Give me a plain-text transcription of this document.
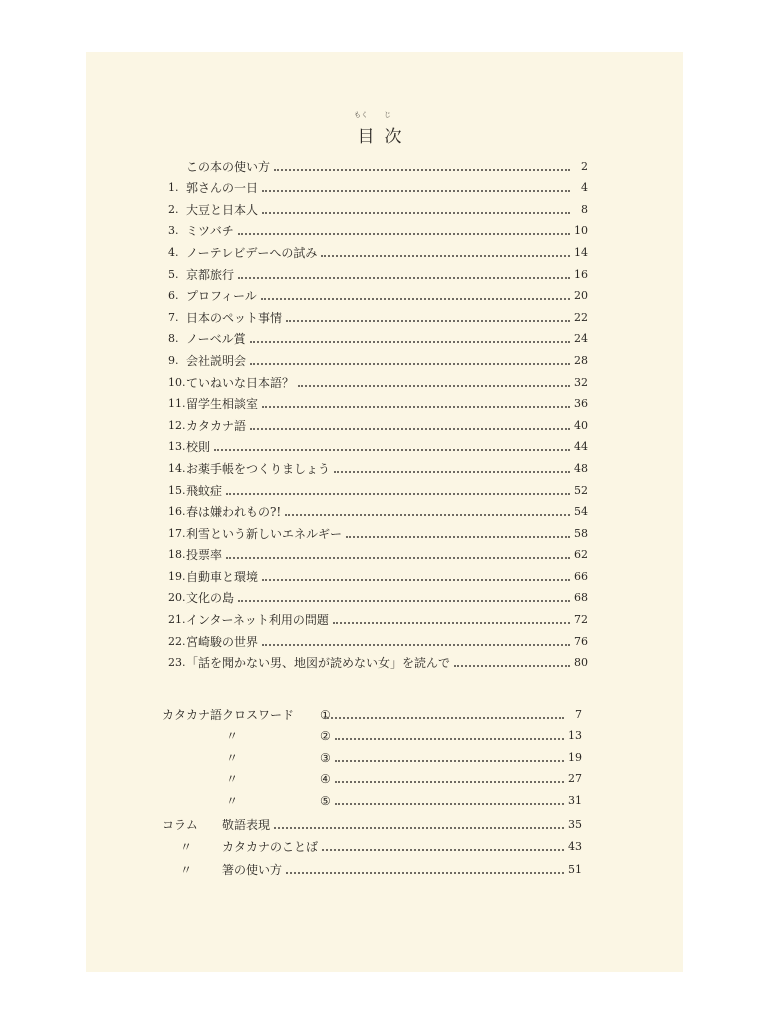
もく じ
目次
この本の使い方	2
1. 郭さんの一日	4
2. 大豆と日本人	8
3. ミツバチ	10
4. ノーテレビデーへの試み	14
5. 京都旅行	16
6. プロフィール	20
7. 日本のペット事情	22
8. ノーベル賞	24
9. 会社説明会	28
10. ていねいな日本語？	32
11. 留学生相談室	36
12. カタカナ語	40
13. 校則	44
14. お薬手帳をつくりましょう	48
15. 飛蚊症	52
16. 春は嫌われもの?!	54
17. 利雪という新しいエネルギー	58
18. 投票率	62
19. 自動車と環境	66
20. 文化の島	68
21. インターネット利用の問題	72
22. 宮崎駿の世界	76
23. 「話を聞かない男、地図が読めない女」を読んで	80
カタカナ語クロスワード	①	7
〃	②	13
〃	③	19
〃	④	27
〃	⑤	31
コラム	敬語表現	35
〃	カタカナのことば	43
〃	箸の使い方	51
